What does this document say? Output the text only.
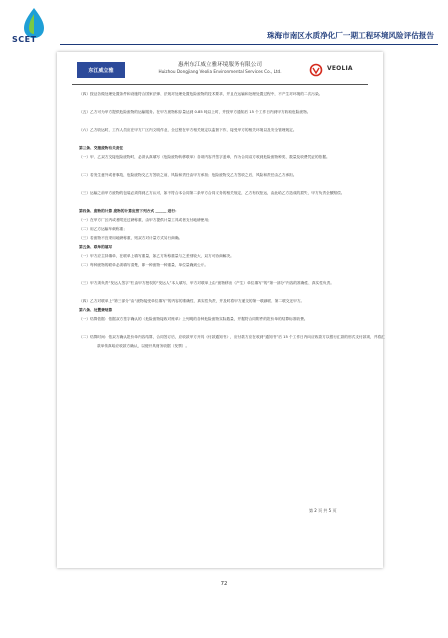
SCET	珠海市南区水质净化厂一期工程环境风险评估报告
东江威立雅
惠州东江威立雅环境服务有限公司
Huizhou Dongjiang Veolia Environmental Services Co., Ltd.	VEOLIA
（四）按证各做处理处置条件和设施符合国家法律、法规对处理处置危险废物的技术要求，并且在运输和处理处置过程中，不产生对环境的二次污染。
（五）乙方可为甲方提供危险废物的运输服务。在甲方废物积存量达到 0.85 吨以上时，并按甲方通知后 15 个工作日内到甲方收取危险废物。
（六）乙方收运时，工作人员应在甲方厂区内文明作业，全过程在甲方相关规定以监督下作，接受甲方的相关环境以及安全管理规定。
第三条、交接废物有关责任
（一）甲、乙双方交接危险废物时，必须认真填写《危险废物转移联单》各项内容并签字盖章，作为合同双方收到危险废物种类、数量及收费凭证的依据。
（二）若发生意外或者事故，危险废物交乙方签收之前，风险和责任由甲方承担；危险废物交乙方签收之后，风险和责任由乙方承担。
（三）运输之前甲方废物的包装必须得到乙方认可，如不符合本合同第二条甲方合同义务的相关规定，乙方有权拒运，由此给乙方造成的损失，甲方负责全额赔偿。
第四条、废物的计算 废物的计算应按下列方式 ______ 进行：
（一）在甲方厂区内或者附近过磅称重，由甲方提供计量工具或者支付地磅使用；
（二）用乙方运输车载称重；
（三）若废物不宜采用地磅称重，则双方对计量方式另行商确。
第五条、联单的填写
（一）甲方应主持填单，在联单上填写重量，如乙方所称重量与之差别较大，双方可协商解决。
（二）每种废物的联单必须填写清楚，即一种废物一种重量，单位量确到公斤。
（三）甲方须负责“发运人签字”栏由甲方授权的“发运人”本人填写，甲方对联单上由“废物移出（产生）单位填写”的“第一部分”内容的准确性、真实性负责。
（四）乙方对联单上“第三部分”由“废物接受单位填写”的内容的准确性、真实性负责，并及时将甲方递交的第一联副联、第二联交还甲方。
第六条、处置费结算
（一）结算依据：依据双方签字确认的《危险废物接收对账单》上列明的各种危险废物实际数量，并据符合同附件的报价单的结算标准收费。
（二）结算时间：依双方确认报价单内容结算，合同签订后，应收款甲方开具《付款通知书》，应付款方应在收到“通知书”后 15 个工作日内向应收款方以银行汇款的形式支付款项，并将汇款单传真给应收款方确认，以便开具财务收据（发票）。
第 2 页 共 5 页
72
